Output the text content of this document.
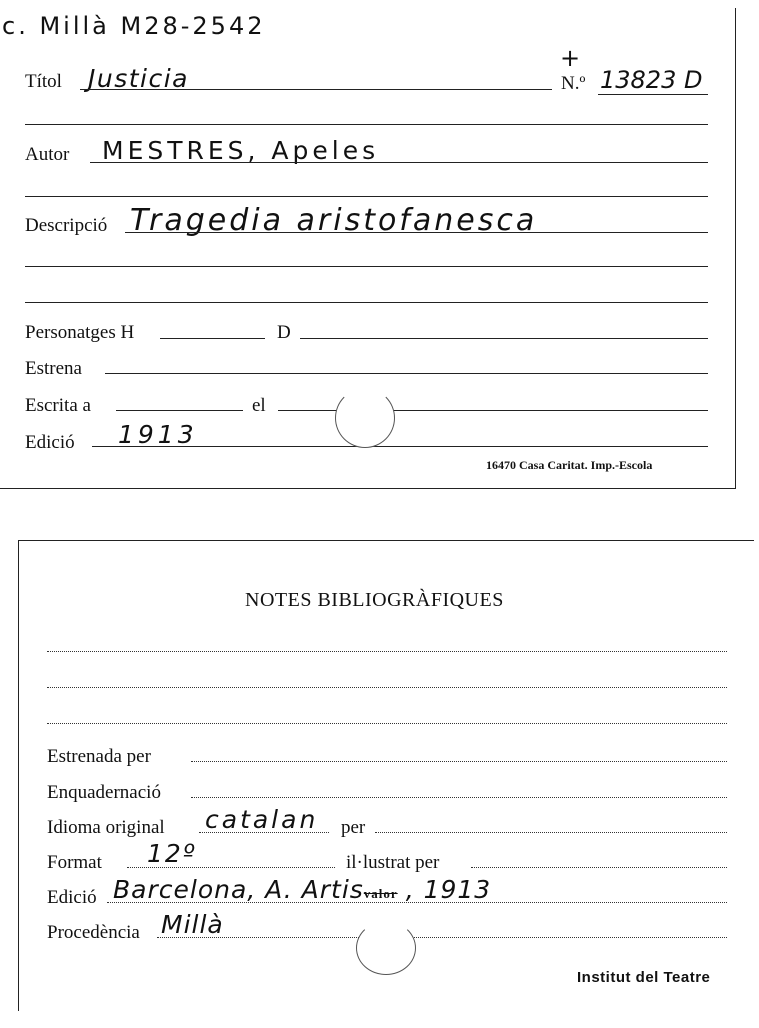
c. Millà M28-2542
Títol Justicia
+
N.º 13823 D
Autor MESTRES, Apeles
Descripció Tragedia aristofanesca
Personatges H	D
Estrena
Escrita a	el
Edició 1913
16470 Casa Caritat. Imp.-Escola
NOTES BIBLIOGRÀFIQUES
Estrenada per
Enquadernació
Idioma original catalan per
Format 12º	il·lustrat per
Edició Barcelona, A. Artisvalor , 1913
Procedència Millà
Institut del Teatre
